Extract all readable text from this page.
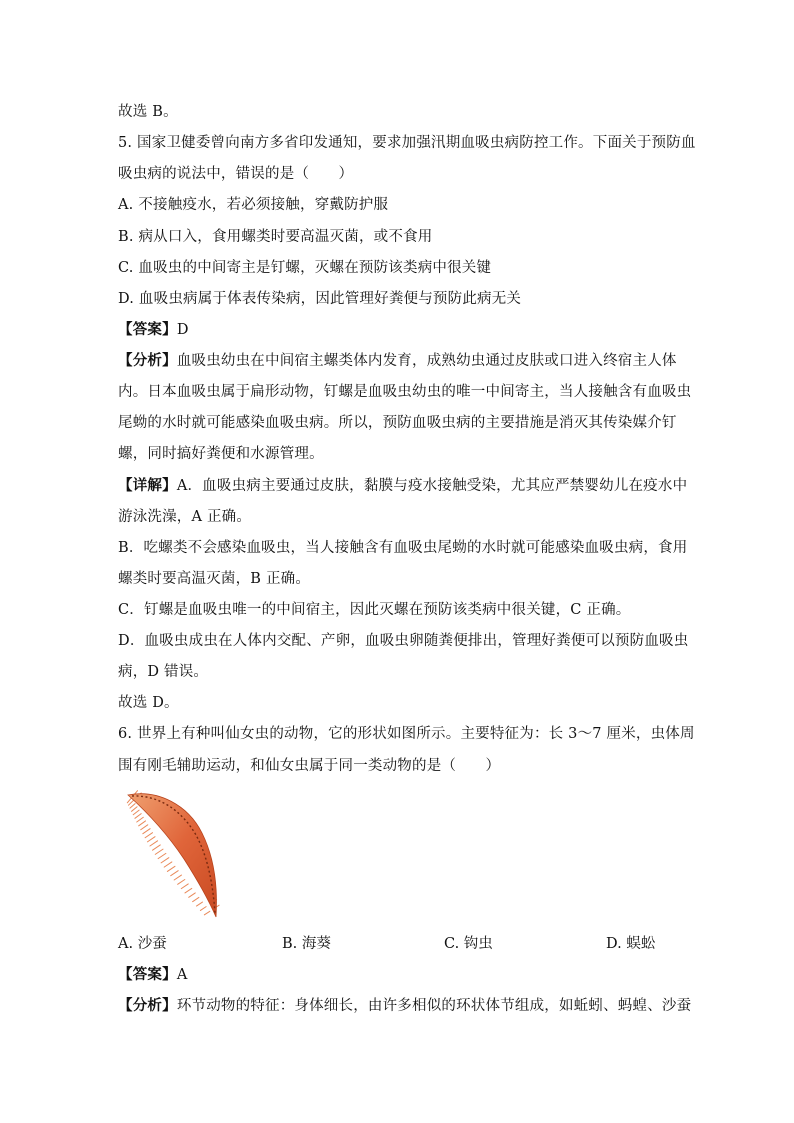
故选 B。
5. 国家卫健委曾向南方多省印发通知，要求加强汛期血吸虫病防控工作。下面关于预防血
吸虫病的说法中，错误的是（　　）
A. 不接触疫水，若必须接触，穿戴防护服
B. 病从口入，食用螺类时要高温灭菌，或不食用
C. 血吸虫的中间寄主是钉螺，灭螺在预防该类病中很关键
D. 血吸虫病属于体表传染病，因此管理好粪便与预防此病无关
【答案】D
【分析】血吸虫幼虫在中间宿主螺类体内发育，成熟幼虫通过皮肤或口进入终宿主人体
内。日本血吸虫属于扁形动物，钉螺是血吸虫幼虫的唯一中间寄主，当人接触含有血吸虫
尾蚴的水时就可能感染血吸虫病。所以，预防血吸虫病的主要措施是消灭其传染媒介钉
螺，同时搞好粪便和水源管理。
【详解】A．血吸虫病主要通过皮肤，黏膜与疫水接触受染，尤其应严禁婴幼儿在疫水中
游泳洗澡，A 正确。
B．吃螺类不会感染血吸虫，当人接触含有血吸虫尾蚴的水时就可能感染血吸虫病，食用
螺类时要高温灭菌，B 正确。
C．钉螺是血吸虫唯一的中间宿主，因此灭螺在预防该类病中很关键，C 正确。
D．血吸虫成虫在人体内交配、产卵，血吸虫卵随粪便排出，管理好粪便可以预防血吸虫
病，D 错误。
故选 D。
6. 世界上有种叫仙女虫的动物，它的形状如图所示。主要特征为：长 3～7 厘米，虫体周
围有刚毛辅助运动，和仙女虫属于同一类动物的是（　　）
A. 沙蚕	B. 海葵	C. 钩虫	D. 蜈蚣
【答案】A
【分析】环节动物的特征：身体细长，由许多相似的环状体节组成，如蚯蚓、蚂蝗、沙蚕
